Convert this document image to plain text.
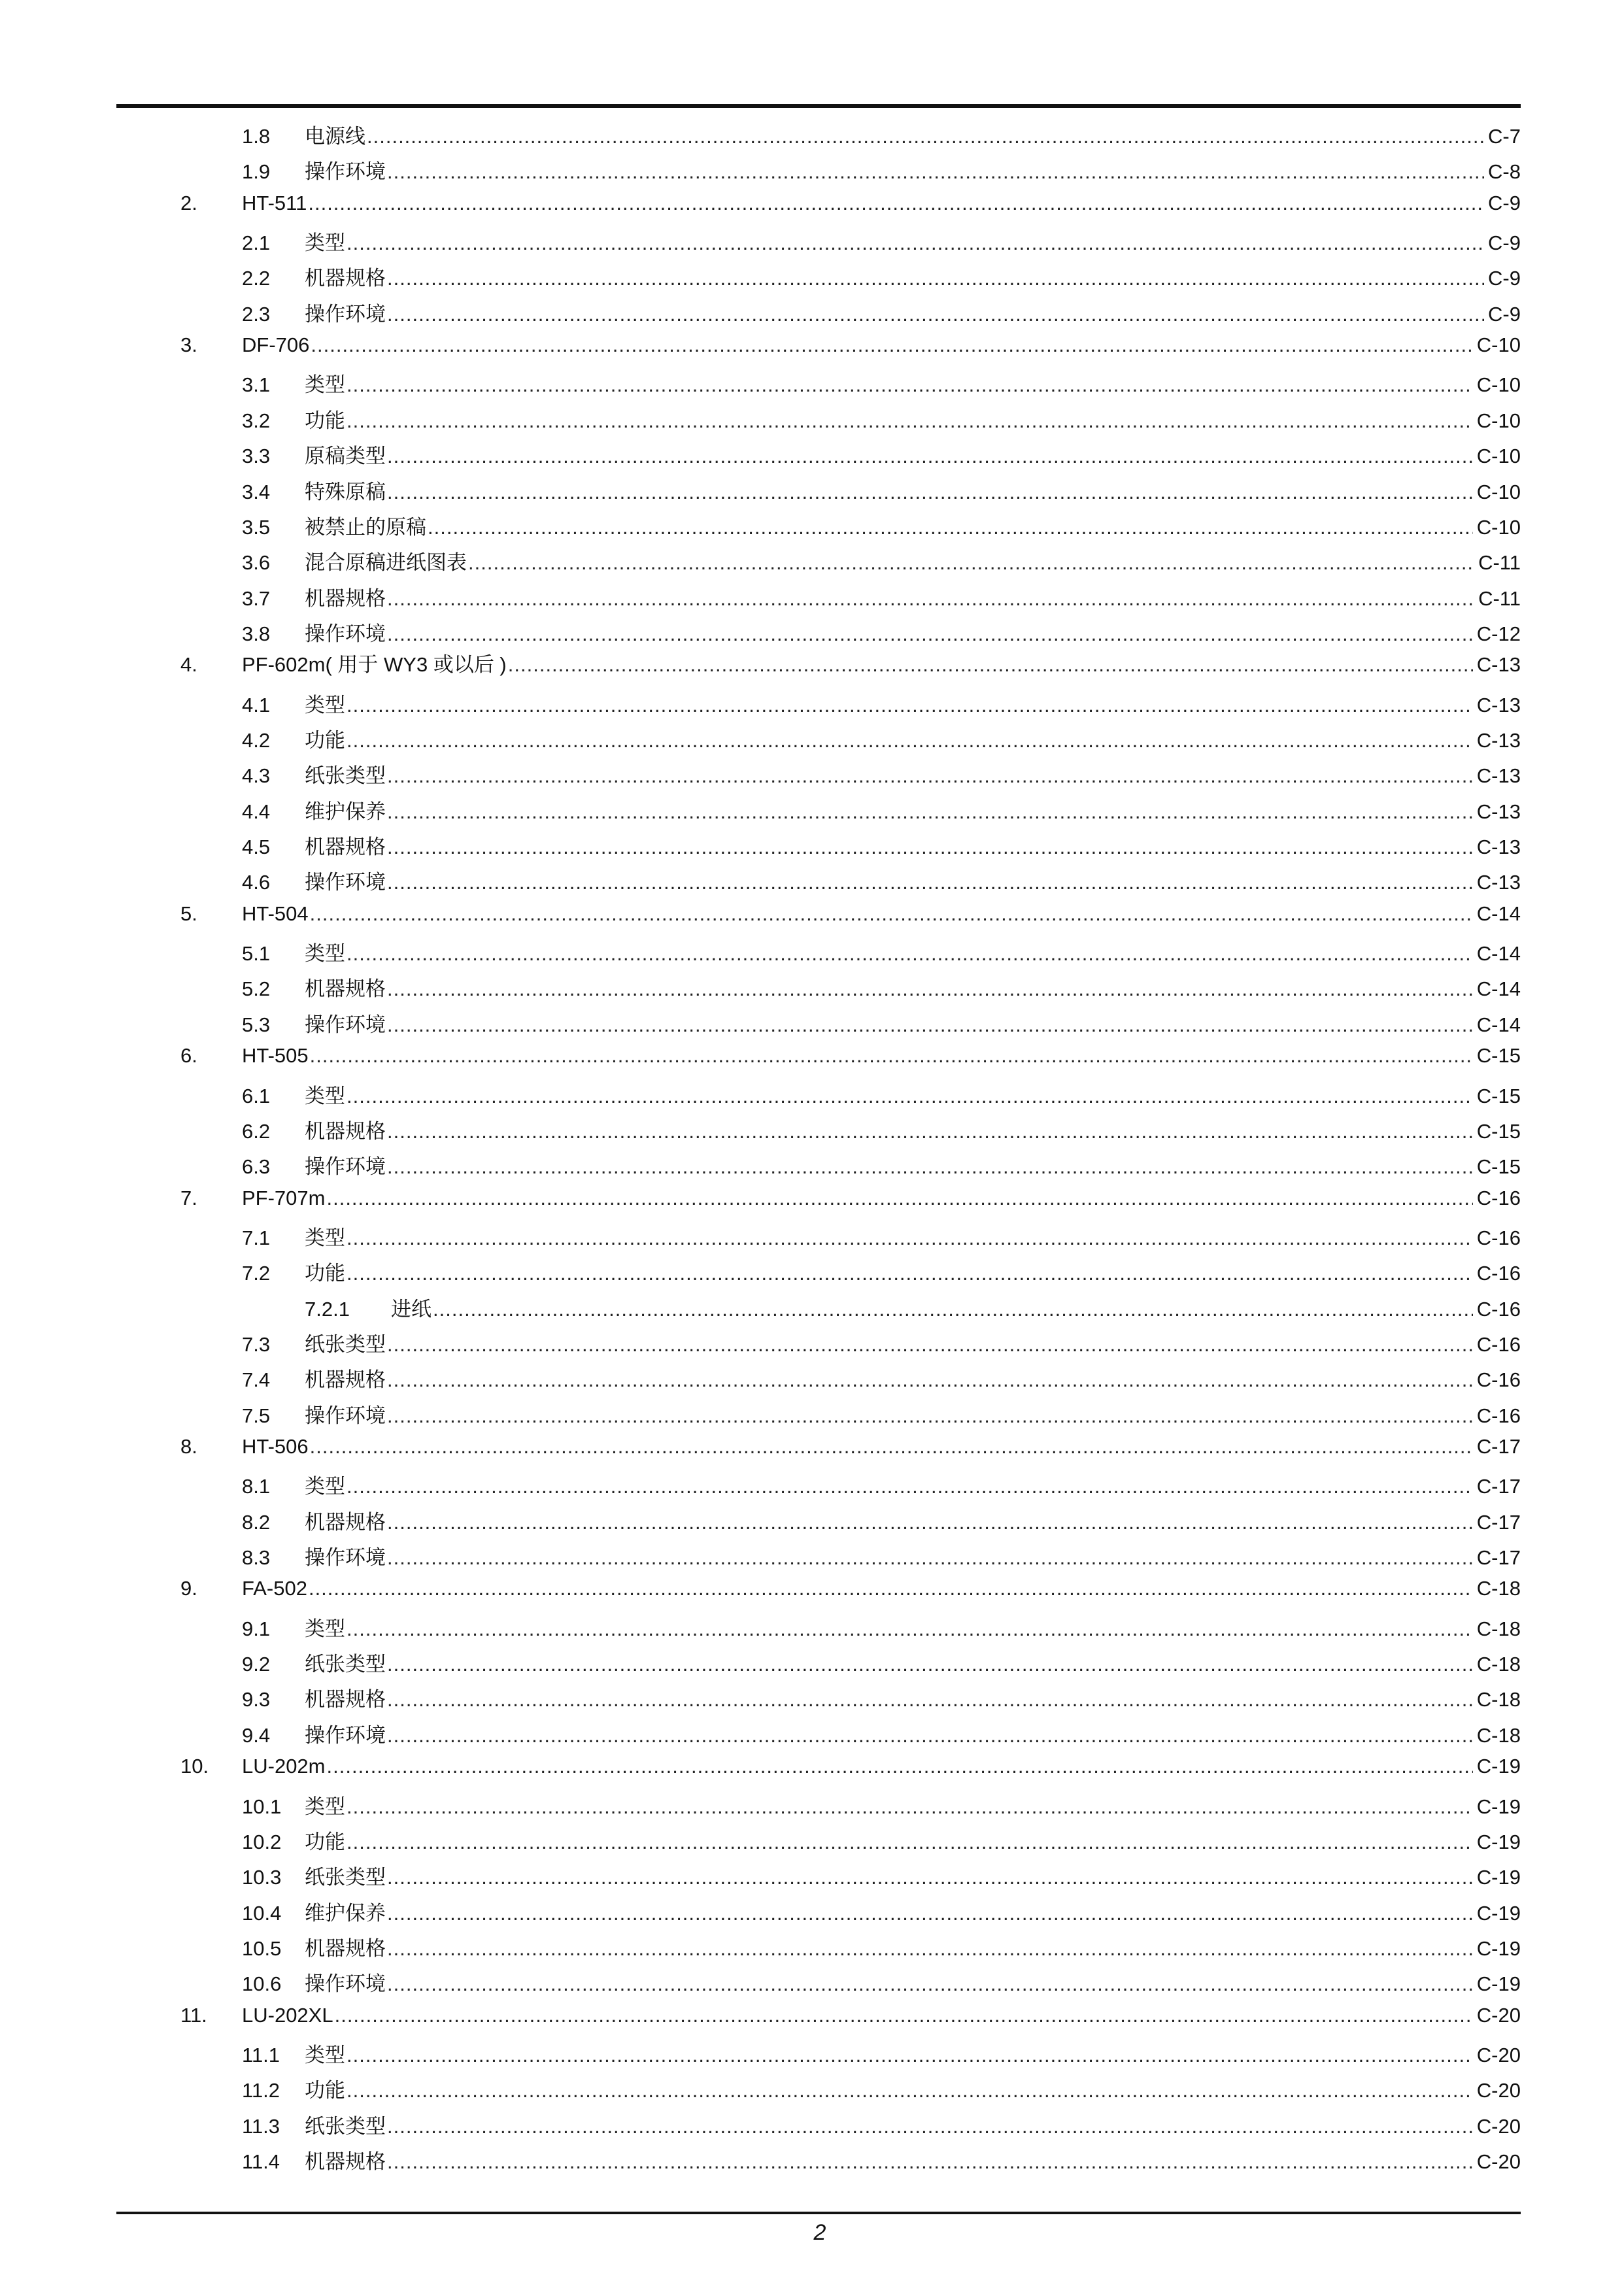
1.8 电源线 .....	C-7
1.9 操作环境 .....	C-8
2. HT-511 .....	C-9
2.1 类型 .....	C-9
2.2 机器规格 .....	C-9
2.3 操作环境 .....	C-9
3. DF-706 .....	C-10
3.1 类型 .....	C-10
3.2 功能 .....	C-10
3.3 原稿类型 .....	C-10
3.4 特殊原稿 .....	C-10
3.5 被禁止的原稿 .....	C-10
3.6 混合原稿进纸图表 .....	C-11
3.7 机器规格 .....	C-11
3.8 操作环境 .....	C-12
4. PF-602m( 用于 WY3 或以后 ) .....	C-13
4.1 类型 .....	C-13
4.2 功能 .....	C-13
4.3 纸张类型 .....	C-13
4.4 维护保养 .....	C-13
4.5 机器规格 .....	C-13
4.6 操作环境 .....	C-13
5. HT-504 .....	C-14
5.1 类型 .....	C-14
5.2 机器规格 .....	C-14
5.3 操作环境 .....	C-14
6. HT-505 .....	C-15
6.1 类型 .....	C-15
6.2 机器规格 .....	C-15
6.3 操作环境 .....	C-15
7. PF-707m .....	C-16
7.1 类型 .....	C-16
7.2 功能 .....	C-16
7.2.1 进纸 .....	C-16
7.3 纸张类型 .....	C-16
7.4 机器规格 .....	C-16
7.5 操作环境 .....	C-16
8. HT-506 .....	C-17
8.1 类型 .....	C-17
8.2 机器规格 .....	C-17
8.3 操作环境 .....	C-17
9. FA-502 .....	C-18
9.1 类型 .....	C-18
9.2 纸张类型 .....	C-18
9.3 机器规格 .....	C-18
9.4 操作环境 .....	C-18
10. LU-202m .....	C-19
10.1 类型 .....	C-19
10.2 功能 .....	C-19
10.3 纸张类型 .....	C-19
10.4 维护保养 .....	C-19
10.5 机器规格 .....	C-19
10.6 操作环境 .....	C-19
11. LU-202XL .....	C-20
11.1 类型 .....	C-20
11.2 功能 .....	C-20
11.3 纸张类型 .....	C-20
11.4 机器规格 .....	C-20
2
